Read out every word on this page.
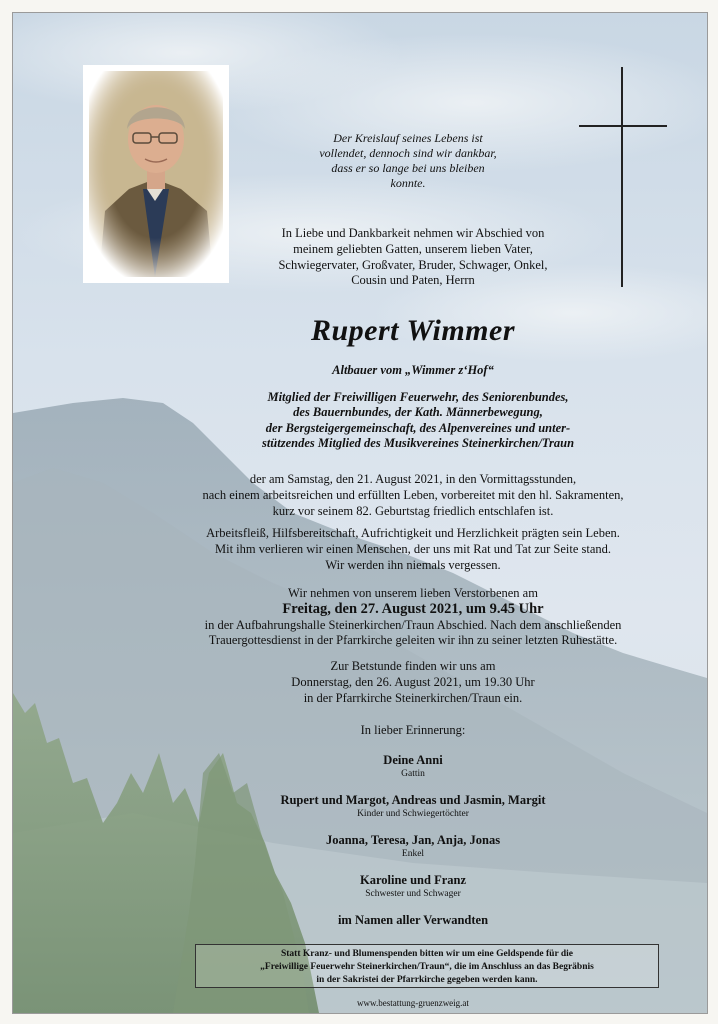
Der Kreislauf seines Lebens ist
vollendet, dennoch sind wir dankbar,
dass er so lange bei uns bleiben
konnte.
In Liebe und Dankbarkeit nehmen wir Abschied von
meinem geliebten Gatten, unserem lieben Vater,
Schwiegervater, Großvater, Bruder, Schwager, Onkel,
Cousin und Paten, Herrn
Rupert Wimmer
Altbauer vom „Wimmer z‘Hof“
Mitglied der Freiwilligen Feuerwehr, des Seniorenbundes,
des Bauernbundes, der Kath. Männerbewegung,
der Bergsteigergemeinschaft, des Alpenvereines und unter-
stützendes Mitglied des Musikvereines Steinerkirchen/Traun
der am Samstag, den 21. August 2021, in den Vormittagsstunden,
nach einem arbeitsreichen und erfüllten Leben, vorbereitet mit den hl. Sakramenten,
kurz vor seinem 82. Geburtstag friedlich entschlafen ist.
Arbeitsfleiß, Hilfsbereitschaft, Aufrichtigkeit und Herzlichkeit prägten sein Leben.
Mit ihm verlieren wir einen Menschen, der uns mit Rat und Tat zur Seite stand.
Wir werden ihn niemals vergessen.
Wir nehmen von unserem lieben Verstorbenen am
Freitag, den 27. August 2021, um 9.45 Uhr
in der Aufbahrungshalle Steinerkirchen/Traun Abschied. Nach dem anschließenden
Trauergottesdienst in der Pfarrkirche geleiten wir ihn zu seiner letzten Ruhestätte.
Zur Betstunde finden wir uns am
Donnerstag, den 26. August 2021, um 19.30 Uhr
in der Pfarrkirche Steinerkirchen/Traun ein.
In lieber Erinnerung:
Deine Anni
Gattin
Rupert und Margot, Andreas und Jasmin, Margit
Kinder und Schwiegertöchter
Joanna, Teresa, Jan, Anja, Jonas
Enkel
Karoline und Franz
Schwester und Schwager
im Namen aller Verwandten
Statt Kranz- und Blumenspenden bitten wir um eine Geldspende für die
„Freiwillige Feuerwehr Steinerkirchen/Traun“, die im Anschluss an das Begräbnis
in der Sakristei der Pfarrkirche gegeben werden kann.
www.bestattung-gruenzweig.at
